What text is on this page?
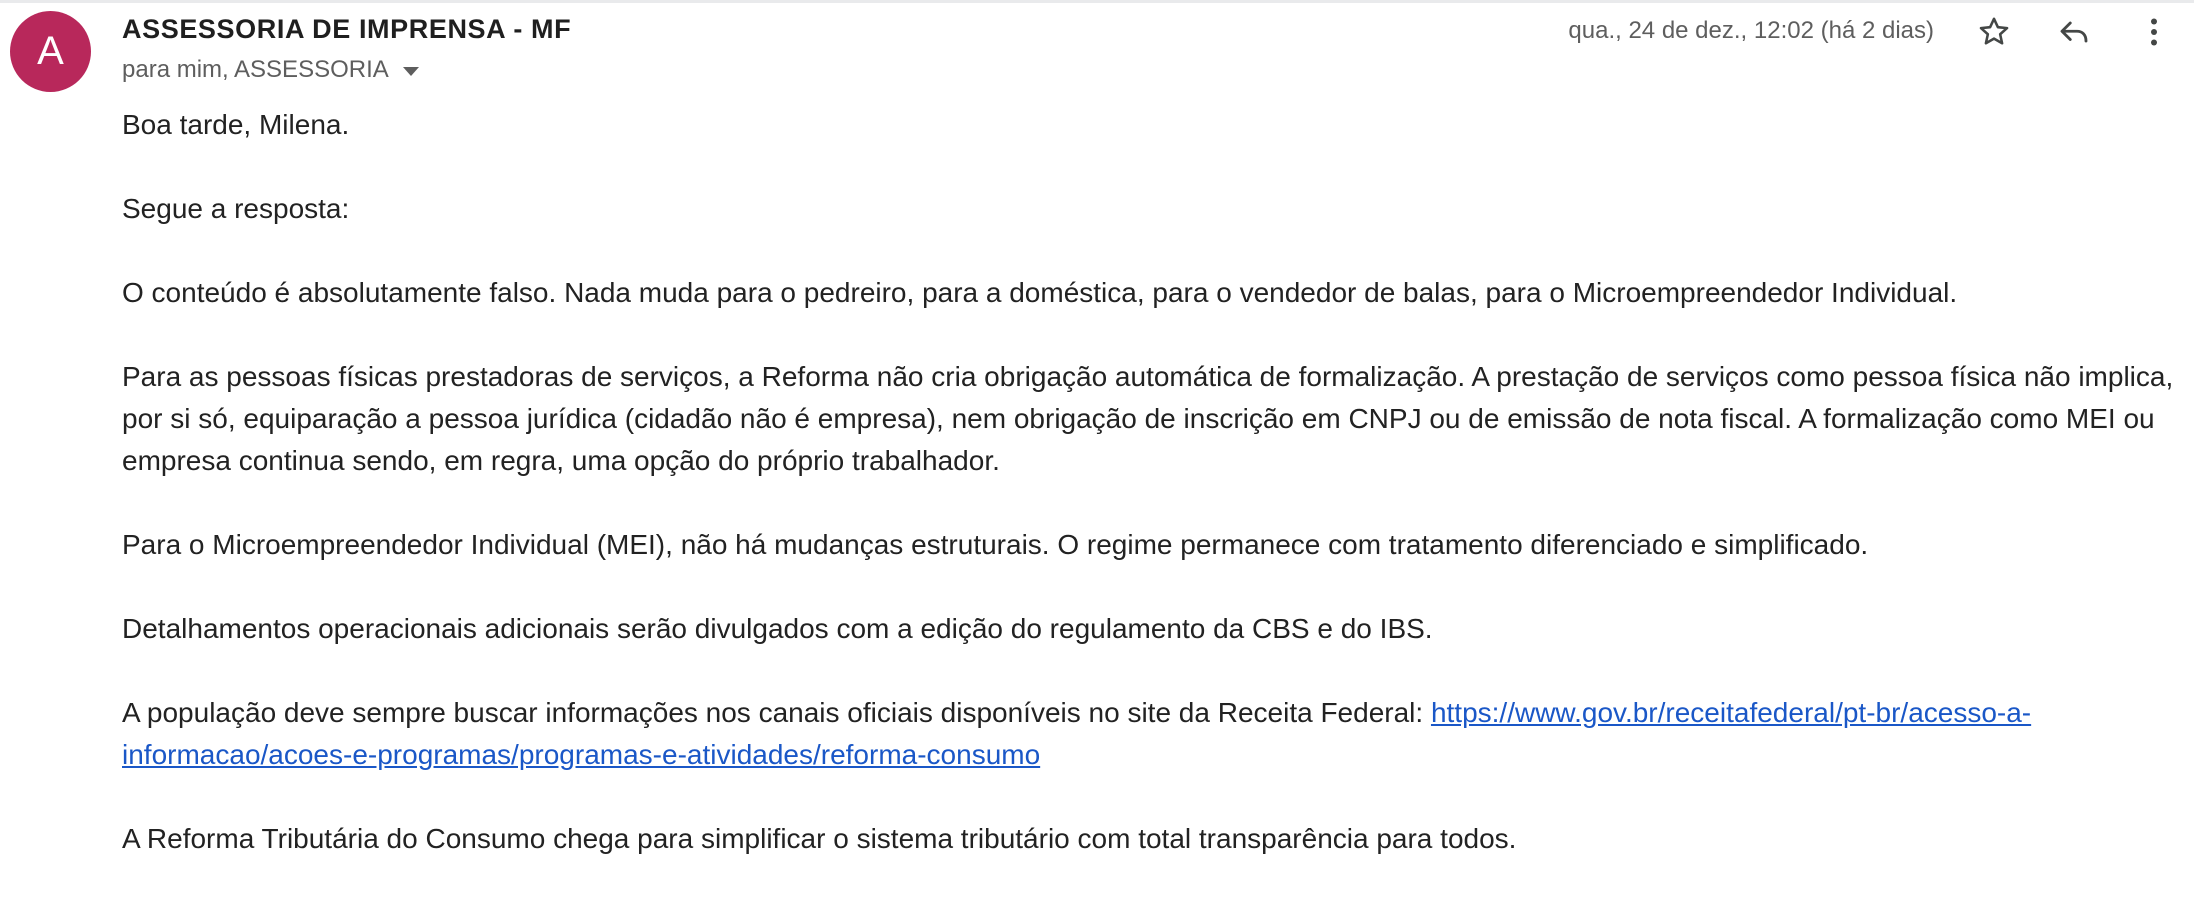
A ASSESSORIA DE IMPRENSA - MF
para mim, ASSESSORIA
qua., 24 de dez., 12:02 (há 2 dias)

Boa tarde, Milena.

Segue a resposta:

O conteúdo é absolutamente falso. Nada muda para o pedreiro, para a doméstica, para o vendedor de balas, para o Microempreendedor Individual.

Para as pessoas físicas prestadoras de serviços, a Reforma não cria obrigação automática de formalização. A prestação de serviços como pessoa física não implica, por si só, equiparação a pessoa jurídica (cidadão não é empresa), nem obrigação de inscrição em CNPJ ou de emissão de nota fiscal. A formalização como MEI ou empresa continua sendo, em regra, uma opção do próprio trabalhador.

Para o Microempreendedor Individual (MEI), não há mudanças estruturais. O regime permanece com tratamento diferenciado e simplificado.

Detalhamentos operacionais adicionais serão divulgados com a edição do regulamento da CBS e do IBS.

A população deve sempre buscar informações nos canais oficiais disponíveis no site da Receita Federal: https://www.gov.br/receitafederal/pt-br/acesso-a-informacao/acoes-e-programas/programas-e-atividades/reforma-consumo

A Reforma Tributária do Consumo chega para simplificar o sistema tributário com total transparência para todos.
